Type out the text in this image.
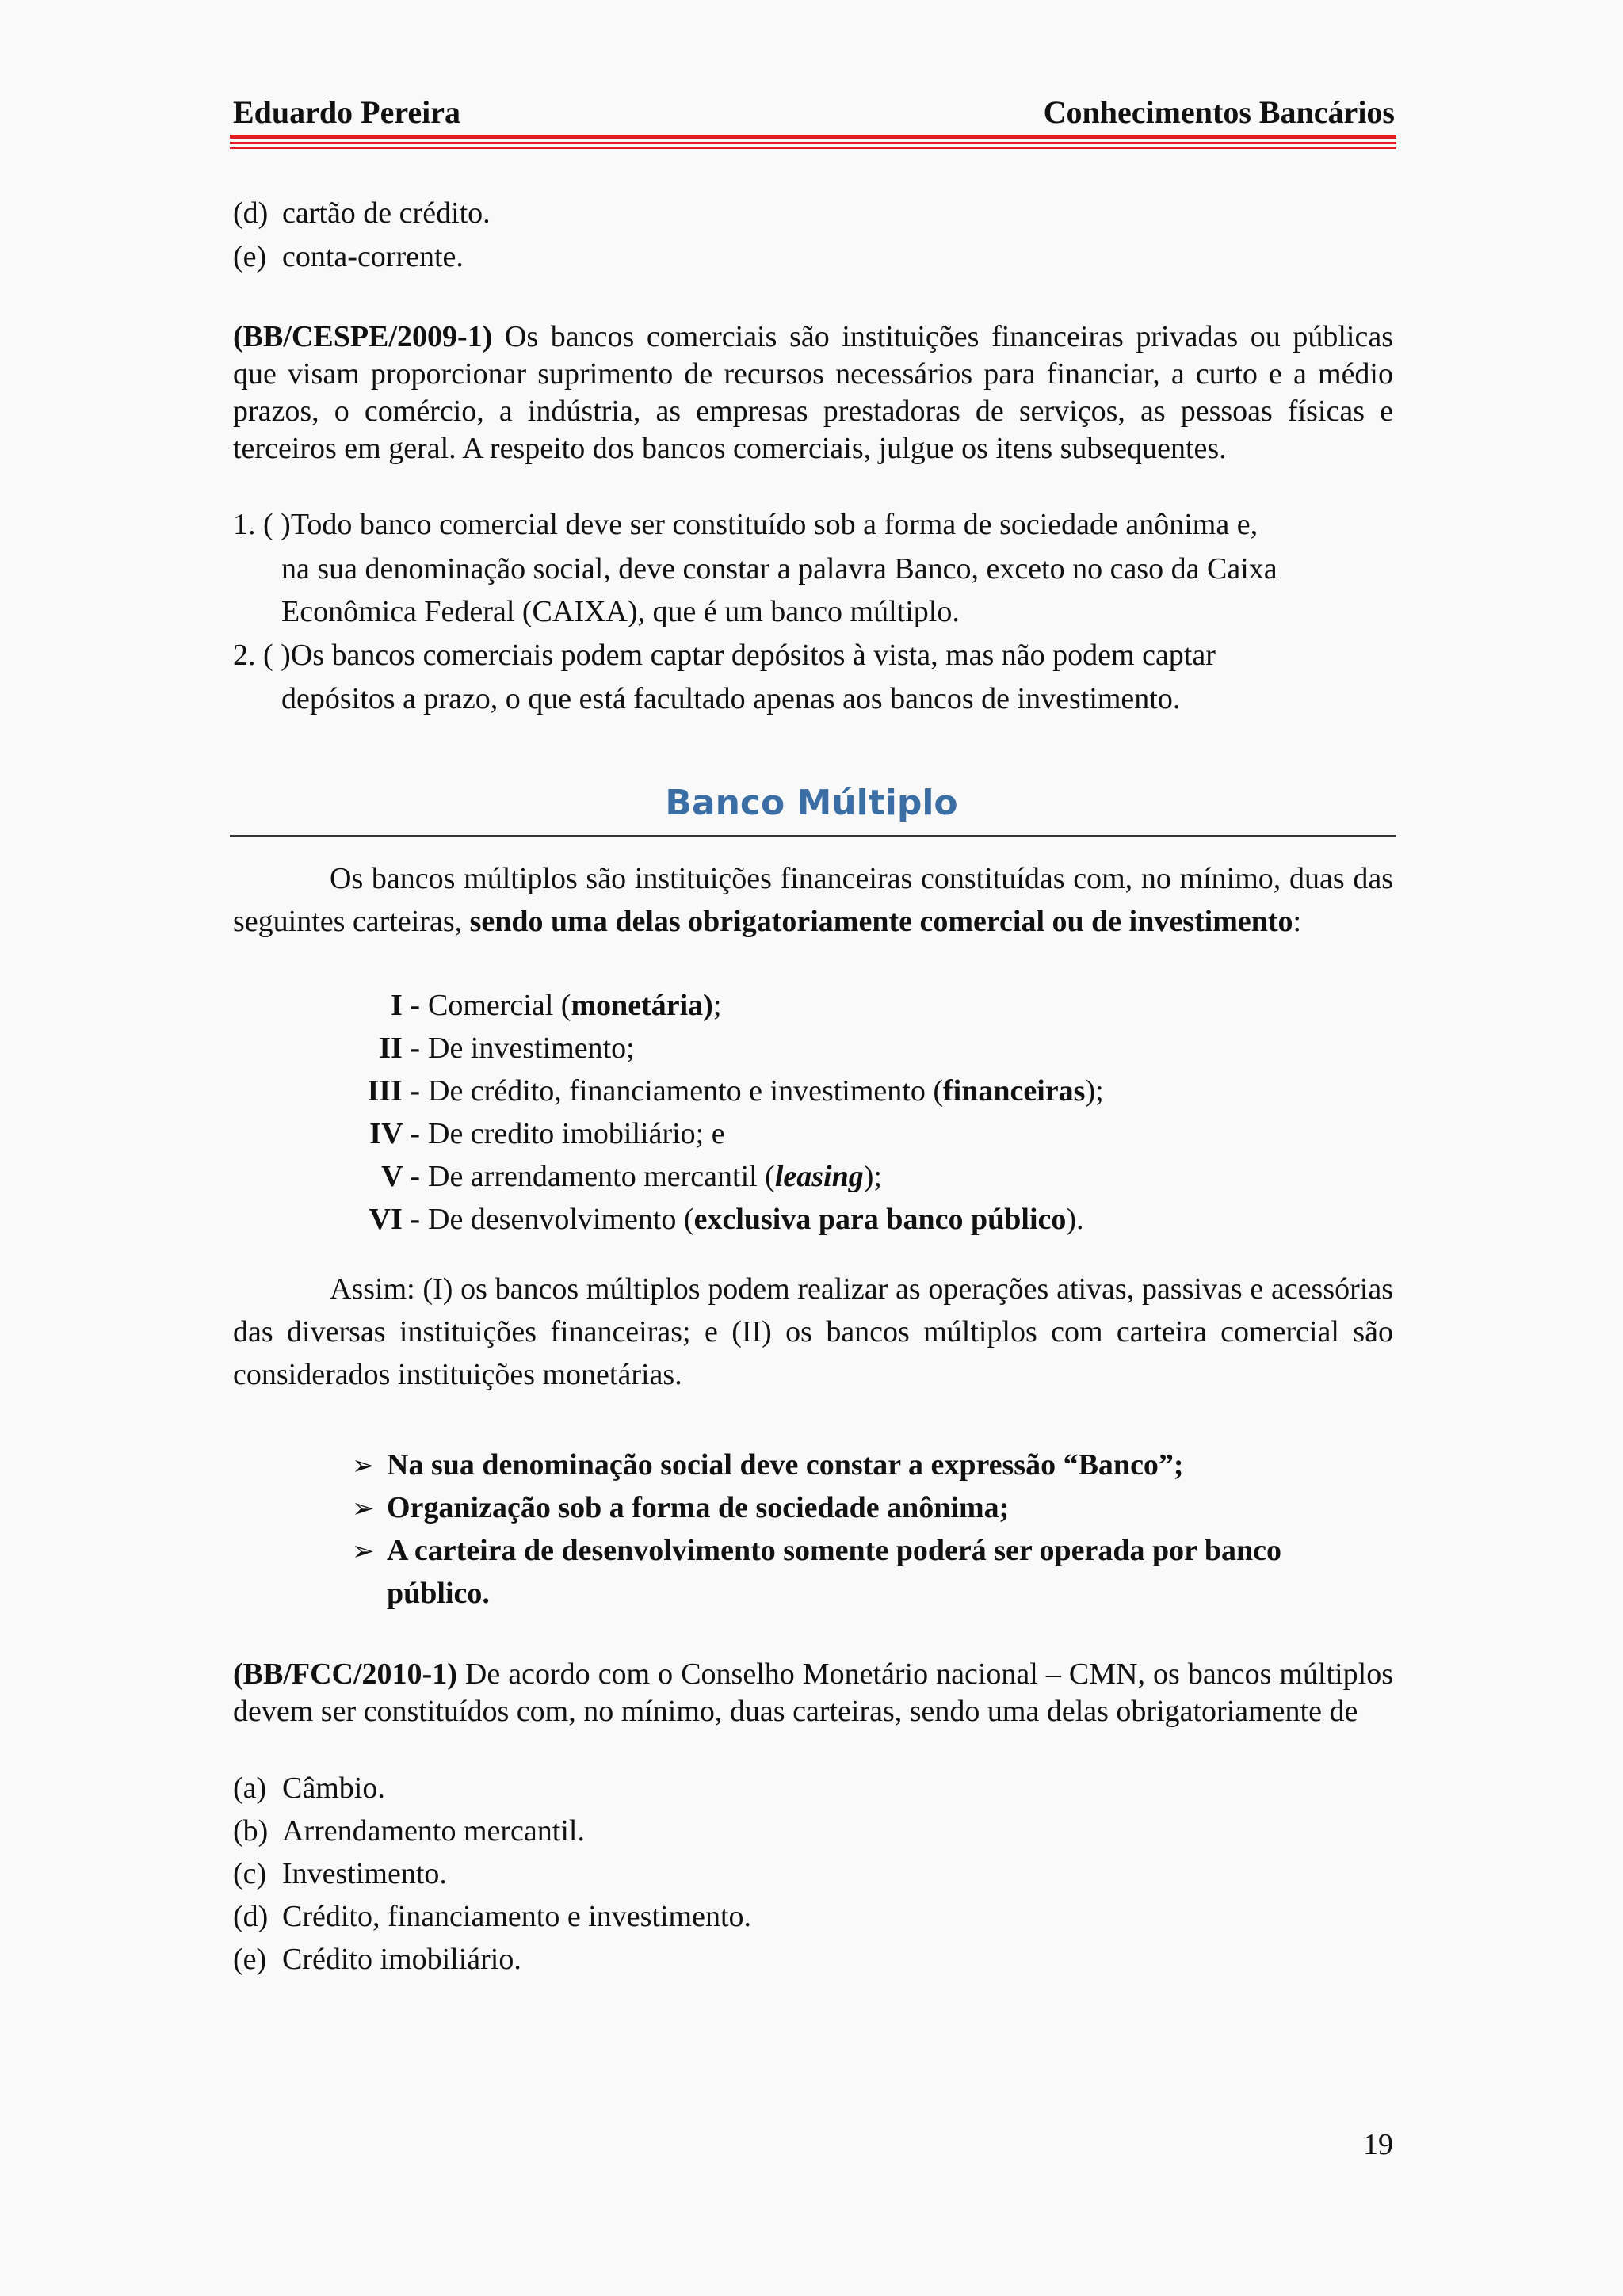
Eduardo Pereira	Conhecimentos Bancários
(d) cartão de crédito.
(e) conta-corrente.
(BB/CESPE/2009-1) Os bancos comerciais são instituições financeiras privadas ou públicas que visam proporcionar suprimento de recursos necessários para financiar, a curto e a médio prazos, o comércio, a indústria, as empresas prestadoras de serviços, as pessoas físicas e terceiros em geral. A respeito dos bancos comerciais, julgue os itens subsequentes.
1. ( )Todo banco comercial deve ser constituído sob a forma de sociedade anônima e,
na sua denominação social, deve constar a palavra Banco, exceto no caso da Caixa
Econômica Federal (CAIXA), que é um banco múltiplo.
2. ( )Os bancos comerciais podem captar depósitos à vista, mas não podem captar
depósitos a prazo, o que está facultado apenas aos bancos de investimento.
Banco Múltiplo
Os bancos múltiplos são instituições financeiras constituídas com, no mínimo, duas das seguintes carteiras, sendo uma delas obrigatoriamente comercial ou de investimento:
I -Comercial (monetária);
II -De investimento;
III -De crédito, financiamento e investimento (financeiras);
IV -De credito imobiliário; e
V -De arrendamento mercantil (leasing);
VI -De desenvolvimento (exclusiva para banco público).
Assim: (I) os bancos múltiplos podem realizar as operações ativas, passivas e acessórias das diversas instituições financeiras; e (II) os bancos múltiplos com carteira comercial são considerados instituições monetárias.
➢ Na sua denominação social deve constar a expressão “Banco”;
➢ Organização sob a forma de sociedade anônima;
➢ A carteira de desenvolvimento somente poderá ser operada por banco
público.
(BB/FCC/2010-1) De acordo com o Conselho Monetário nacional – CMN, os bancos múltiplos devem ser constituídos com, no mínimo, duas carteiras, sendo uma delas obrigatoriamente de
(a) Câmbio.
(b) Arrendamento mercantil.
(c) Investimento.
(d) Crédito, financiamento e investimento.
(e) Crédito imobiliário.
19
